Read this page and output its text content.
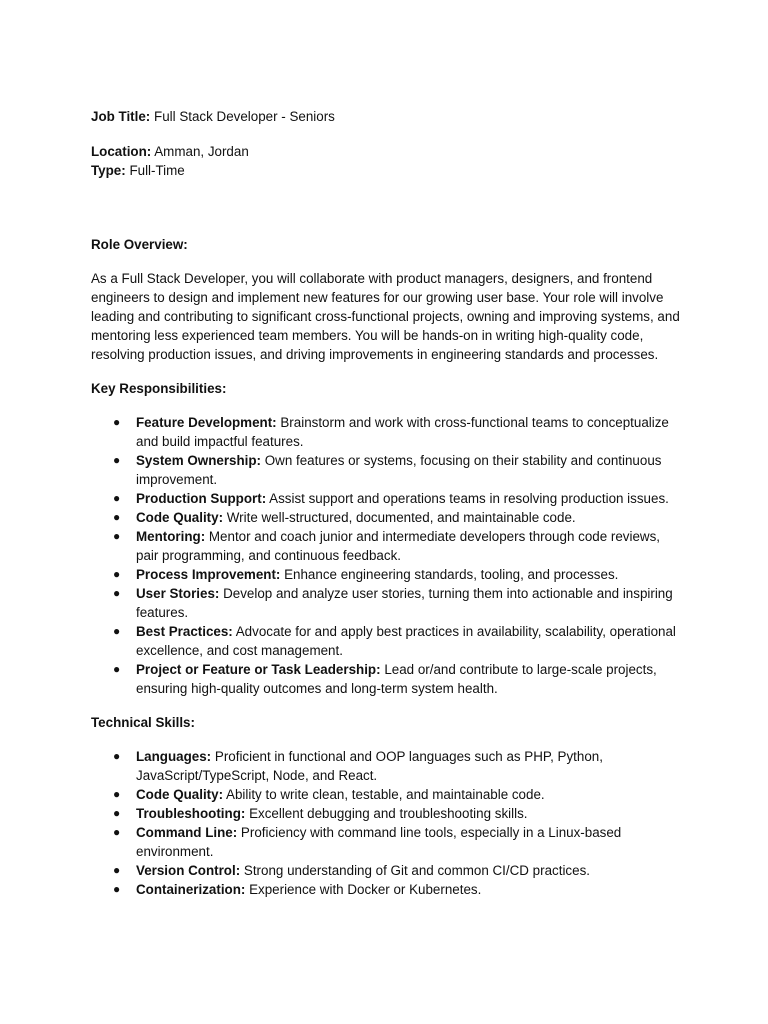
Job Title: Full Stack Developer - Seniors

Location: Amman, Jordan

Type: Full-Time

Role Overview:

As a Full Stack Developer, you will collaborate with product managers, designers, and frontend engineers to design and implement new features for our growing user base. Your role will involve leading and contributing to significant cross-functional projects, owning and improving systems, and mentoring less experienced team members. You will be hands-on in writing high-quality code, resolving production issues, and driving improvements in engineering standards and processes.

Key Responsibilities:

● Feature Development: Brainstorm and work with cross-functional teams to conceptualize and build impactful features.
● System Ownership: Own features or systems, focusing on their stability and continuous improvement.
● Production Support: Assist support and operations teams in resolving production issues.
● Code Quality: Write well-structured, documented, and maintainable code.
● Mentoring: Mentor and coach junior and intermediate developers through code reviews, pair programming, and continuous feedback.
● Process Improvement: Enhance engineering standards, tooling, and processes.
● User Stories: Develop and analyze user stories, turning them into actionable and inspiring features.
● Best Practices: Advocate for and apply best practices in availability, scalability, operational excellence, and cost management.
● Project or Feature or Task Leadership: Lead or/and contribute to large-scale projects, ensuring high-quality outcomes and long-term system health.

Technical Skills:

● Languages: Proficient in functional and OOP languages such as PHP, Python, JavaScript/TypeScript, Node, and React.
● Code Quality: Ability to write clean, testable, and maintainable code.
● Troubleshooting: Excellent debugging and troubleshooting skills.
● Command Line: Proficiency with command line tools, especially in a Linux-based environment.
● Version Control: Strong understanding of Git and common CI/CD practices.
● Containerization: Experience with Docker or Kubernetes.
